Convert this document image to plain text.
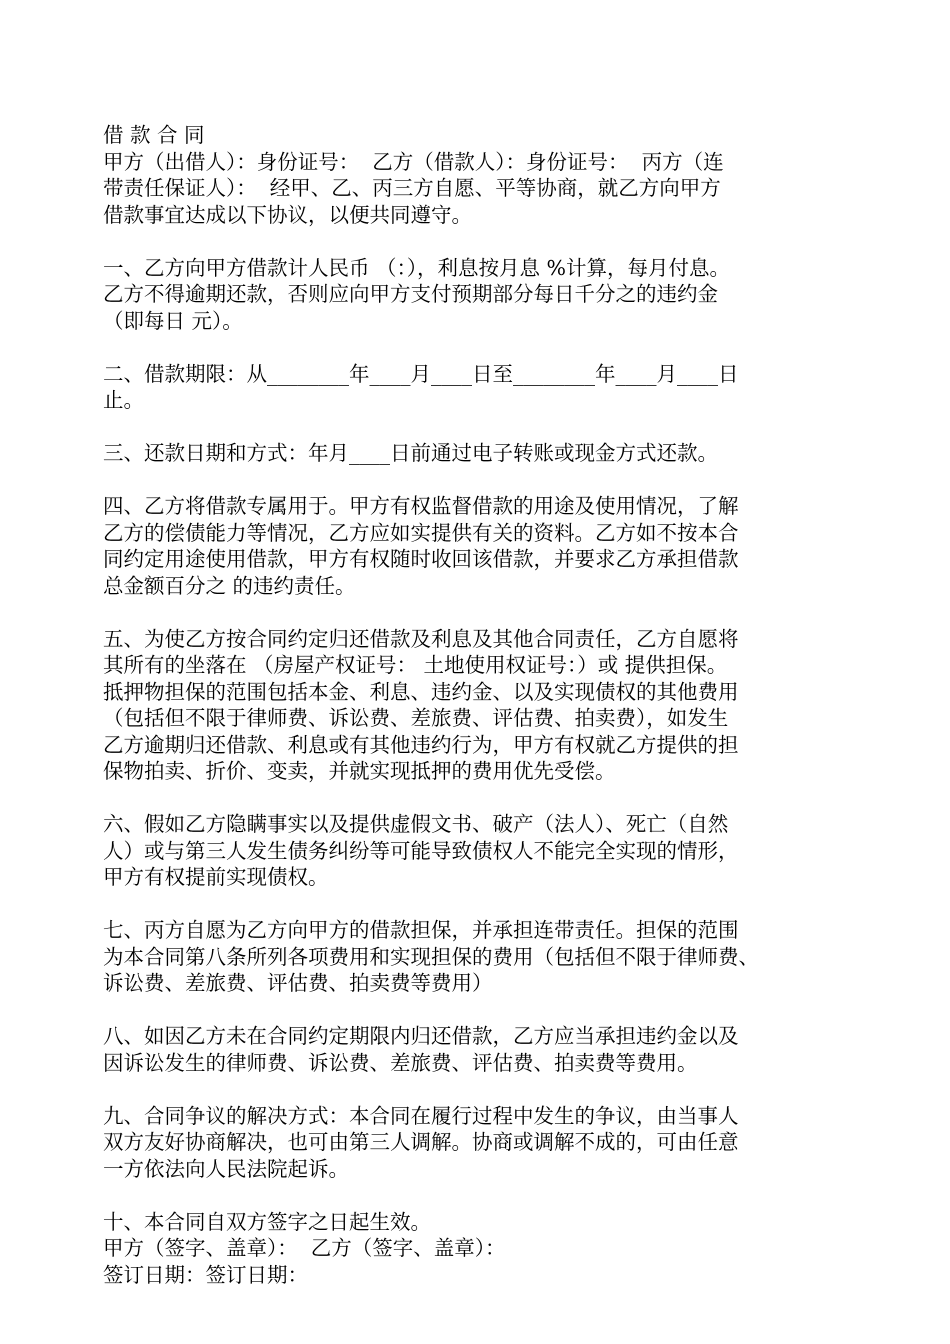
借 款 合 同
甲方（出借人）：身份证号：  乙方（借款人）：身份证号：  丙方（连
带责任保证人）：  经甲、乙、丙三方自愿、平等协商，就乙方向甲方
借款事宜达成以下协议，以便共同遵守。
一、乙方向甲方借款计人民币 （：），利息按月息 %计算，每月付息。
乙方不得逾期还款，否则应向甲方支付预期部分每日千分之的违约金
（即每日 元）。
二、借款期限：从________年____月____日至________年____月____日
止。
三、还款日期和方式：年月____日前通过电子转账或现金方式还款。
四、乙方将借款专属用于。甲方有权监督借款的用途及使用情况，了解
乙方的偿债能力等情况，乙方应如实提供有关的资料。乙方如不按本合
同约定用途使用借款，甲方有权随时收回该借款，并要求乙方承担借款
总金额百分之 的违约责任。
五、为使乙方按合同约定归还借款及利息及其他合同责任，乙方自愿将
其所有的坐落在 （房屋产权证号： 土地使用权证号：）或 提供担保。
抵押物担保的范围包括本金、利息、违约金、以及实现债权的其他费用
（包括但不限于律师费、诉讼费、差旅费、评估费、拍卖费），如发生
乙方逾期归还借款、利息或有其他违约行为，甲方有权就乙方提供的担
保物拍卖、折价、变卖，并就实现抵押的费用优先受偿。
六、假如乙方隐瞒事实以及提供虚假文书、破产（法人）、死亡（自然
人）或与第三人发生债务纠纷等可能导致债权人不能完全实现的情形，
甲方有权提前实现债权。
七、丙方自愿为乙方向甲方的借款担保，并承担连带责任。担保的范围
为本合同第八条所列各项费用和实现担保的费用（包括但不限于律师费、
诉讼费、差旅费、评估费、拍卖费等费用）
八、如因乙方未在合同约定期限内归还借款，乙方应当承担违约金以及
因诉讼发生的律师费、诉讼费、差旅费、评估费、拍卖费等费用。
九、合同争议的解决方式：本合同在履行过程中发生的争议，由当事人
双方友好协商解决，也可由第三人调解。协商或调解不成的，可由任意
一方依法向人民法院起诉。
十、本合同自双方签字之日起生效。
甲方（签字、盖章）：  乙方（签字、盖章）：
签订日期：签订日期：
